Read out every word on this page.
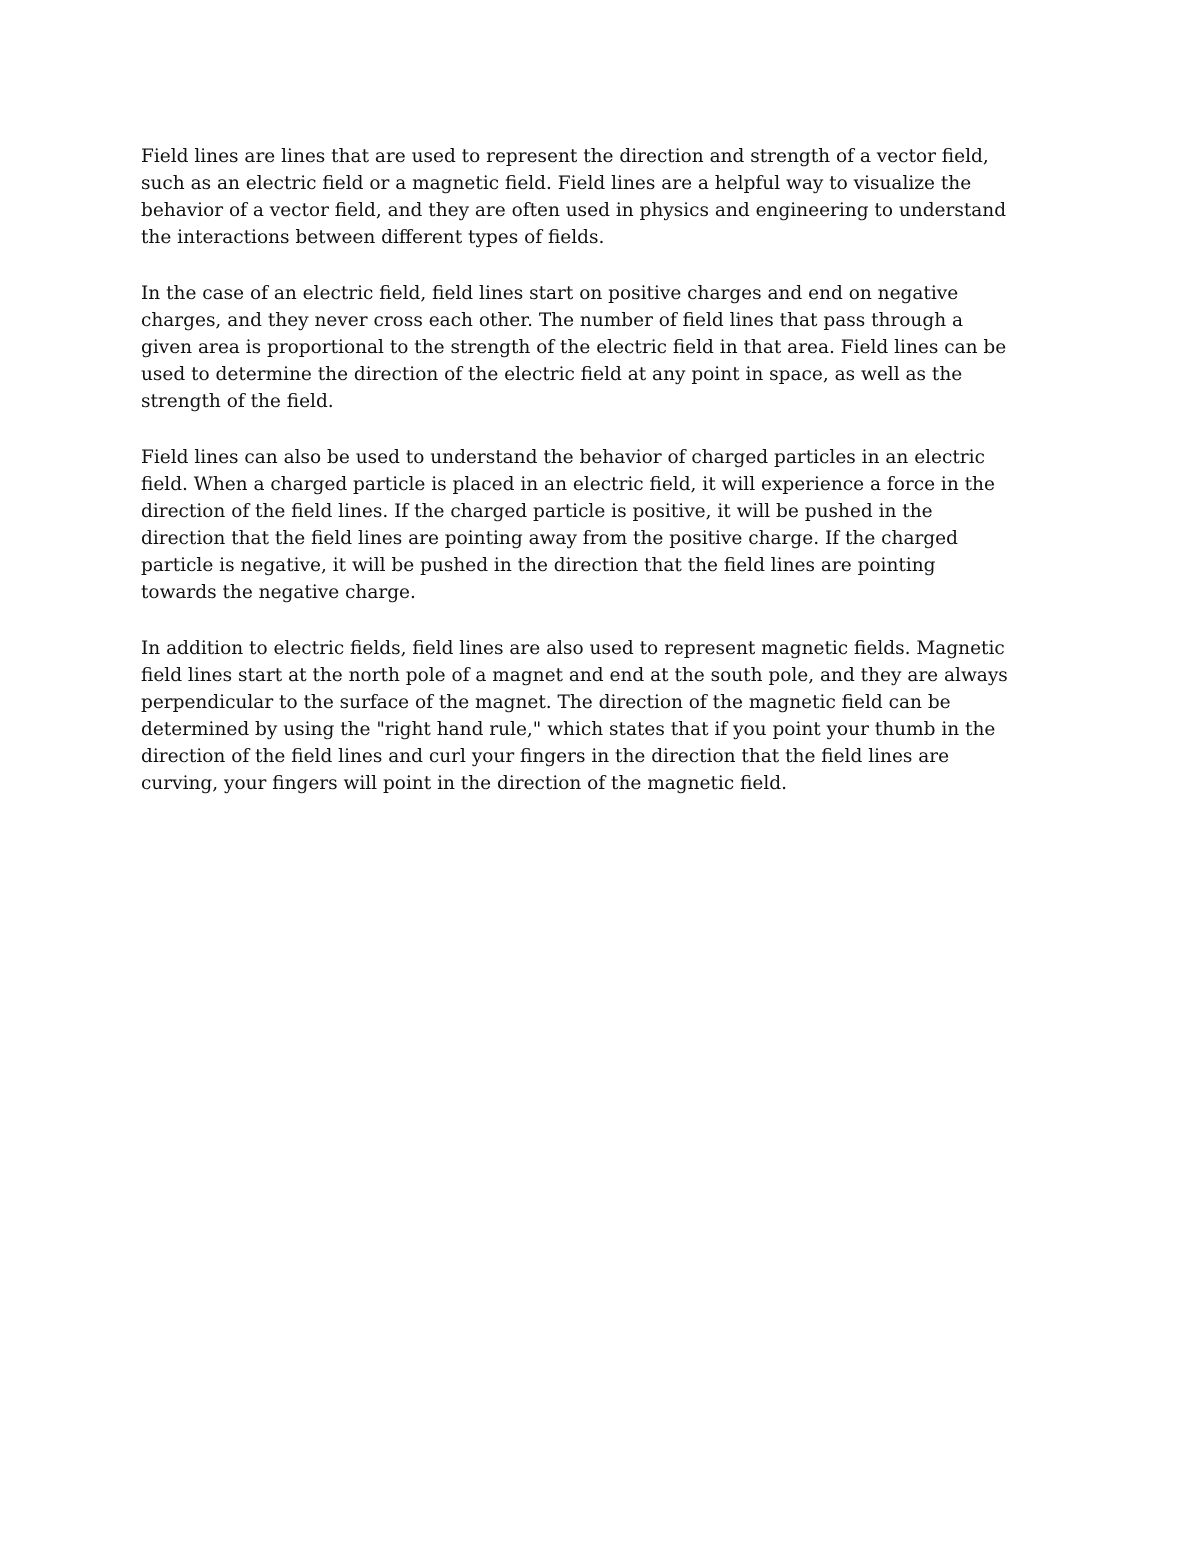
Field lines are lines that are used to represent the direction and strength of a vector field,
such as an electric field or a magnetic field. Field lines are a helpful way to visualize the
behavior of a vector field, and they are often used in physics and engineering to understand
the interactions between different types of fields.

In the case of an electric field, field lines start on positive charges and end on negative
charges, and they never cross each other. The number of field lines that pass through a
given area is proportional to the strength of the electric field in that area. Field lines can be
used to determine the direction of the electric field at any point in space, as well as the
strength of the field.

Field lines can also be used to understand the behavior of charged particles in an electric
field. When a charged particle is placed in an electric field, it will experience a force in the
direction of the field lines. If the charged particle is positive, it will be pushed in the
direction that the field lines are pointing away from the positive charge. If the charged
particle is negative, it will be pushed in the direction that the field lines are pointing
towards the negative charge.

In addition to electric fields, field lines are also used to represent magnetic fields. Magnetic
field lines start at the north pole of a magnet and end at the south pole, and they are always
perpendicular to the surface of the magnet. The direction of the magnetic field can be
determined by using the "right hand rule," which states that if you point your thumb in the
direction of the field lines and curl your fingers in the direction that the field lines are
curving, your fingers will point in the direction of the magnetic field.
